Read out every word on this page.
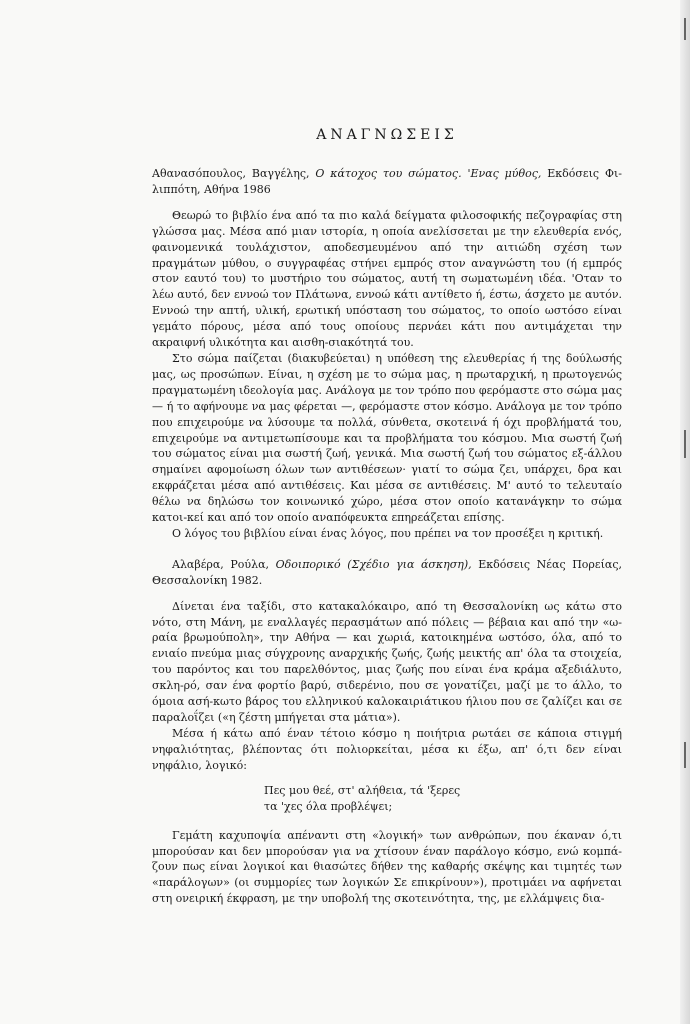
ΑΝΑΓΝΩΣΕΙΣ

Αθανασόπουλος, Βαγγέλης, Ο κάτοχος του σώματος. 'Ενας μύθος, Εκδόσεις Φι-λιππότη, Αθήνα 1986

Θεωρώ το βιβλίο ένα από τα πιο καλά δείγματα φιλοσοφικής πεζογραφίας στη γλώσσα μας. Μέσα από μιαν ιστορία, η οποία ανελίσσεται με την ελευθερία ενός, φαινομενικά τουλάχιστον, αποδεσμευμένου από την αιτιώδη σχέση των πραγμάτων μύθου, ο συγγραφέας στήνει εμπρός στον αναγνώστη του (ή εμπρός στον εαυτό του) το μυστήριο του σώματος, αυτή τη σωματωμένη ιδέα. 'Οταν το λέω αυτό, δεν εννοώ τον Πλάτωνα, εννοώ κάτι αντίθετο ή, έστω, άσχετο με αυτόν. Εννοώ την απτή, υλική, ερωτική υπόσταση του σώματος, το οποίο ωστόσο είναι γεμάτο πόρους, μέσα από τους οποίους περνάει κάτι που αντιμάχεται την ακραιφνή υλικότητα και αισθη-σιακότητά του.

Στο σώμα παίζεται (διακυβεύεται) η υπόθεση της ελευθερίας ή της δούλωσής μας, ως προσώπων. Είναι, η σχέση με το σώμα μας, η πρωταρχική, η πρωτογενώς πραγματωμένη ιδεολογία μας. Ανάλογα με τον τρόπο που φερόμαστε στο σώμα μας — ή το αφήνουμε να μας φέρεται —, φερόμαστε στον κόσμο. Ανάλογα με τον τρόπο που επιχειρούμε να λύσουμε τα πολλά, σύνθετα, σκοτεινά ή όχι προβλήματά του, επιχειρούμε να αντιμετωπίσουμε και τα προβλήματα του κόσμου. Μια σωστή ζωή του σώματος είναι μια σωστή ζωή, γενικά. Μια σωστή ζωή του σώματος εξ-άλλου σημαίνει αφομοίωση όλων των αντιθέσεων· γιατί το σώμα ζει, υπάρχει, δρα και εκφράζεται μέσα από αντιθέσεις. Και μέσα σε αντιθέσεις. Μ' αυτό το τελευταίο θέλω να δηλώσω τον κοινωνικό χώρο, μέσα στον οποίο κατανάγκην το σώμα κατοι-κεί και από τον οποίο αναπόφευκτα επηρεάζεται επίσης.

Ο λόγος του βιβλίου είναι ένας λόγος, που πρέπει να τον προσέξει η κριτική.

Αλαβέρα, Ρούλα, Οδοιπορικό (Σχέδιο για άσκηση), Εκδόσεις Νέας Πορείας, Θεσσαλονίκη 1982.

Δίνεται ένα ταξίδι, στο κατακαλόκαιρο, από τη Θεσσαλονίκη ως κάτω στο νότο, στη Μάνη, με εναλλαγές περασμάτων από πόλεις — βέβαια και από την «ω-ραία βρωμούπολη», την Αθήνα — και χωριά, κατοικημένα ωστόσο, όλα, από το ενιαίο πνεύμα μιας σύγχρονης αναρχικής ζωής, ζωής μεικτής απ' όλα τα στοιχεία, του παρόντος και του παρελθόντος, μιας ζωής που είναι ένα κράμα αξεδιάλυτο, σκλη-ρό, σαν ένα φορτίο βαρύ, σιδερένιο, που σε γονατίζει, μαζί με το άλλο, το όμοια ασή-κωτο βάρος του ελληνικού καλοκαιριάτικου ήλιου που σε ζαλίζει και σε παραλοΐζει («η ζέστη μπήγεται στα μάτια»).

Μέσα ή κάτω από έναν τέτοιο κόσμο η ποιήτρια ρωτάει σε κάποια στιγμή νηφαλιότητας, βλέποντας ότι πολιορκείται, μέσα κι έξω, απ' ό,τι δεν είναι νηφάλιο, λογικό:

Πες μου θεέ, στ' αλήθεια, τά 'ξερες
τα 'χες όλα προβλέψει;

Γεμάτη καχυποψία απέναντι στη «λογική» των ανθρώπων, που έκαναν ό,τι μπορούσαν και δεν μπορούσαν για να χτίσουν έναν παράλογο κόσμο, ενώ κομπά-ζουν πως είναι λογικοί και θιασώτες δήθεν της καθαρής σκέψης και τιμητές των «παράλογων» (οι συμμορίες των λογικών Σε επικρίνουν»), προτιμάει να αφήνεται στη ονειρική έκφραση, με την υποβολή της σκοτεινότητα, της, με ελλάμψεις δια-
